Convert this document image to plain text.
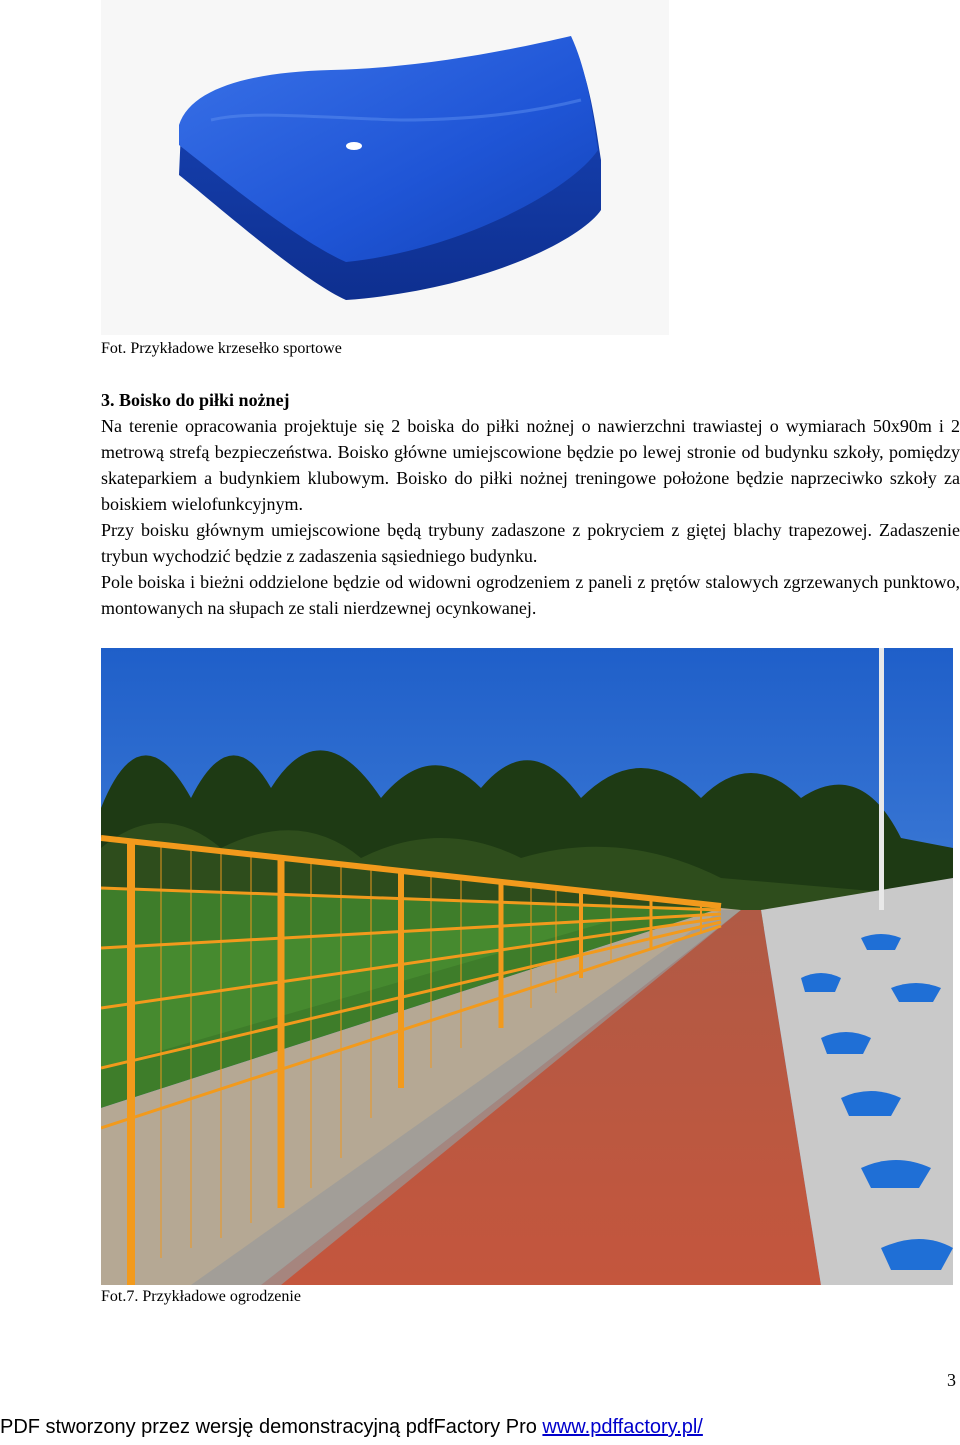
Fot. Przykładowe krzesełko sportowe
3. Boisko do piłki nożnej

Na terenie opracowania projektuje się 2 boiska do piłki nożnej o nawierzchni trawiastej o wymiarach 50x90m i 2 metrową strefą bezpieczeństwa. Boisko główne umiejscowione będzie po lewej stronie od budynku szkoły, pomiędzy skateparkiem a budynkiem klubowym. Boisko do piłki nożnej treningowe położone będzie naprzeciwko szkoły za boiskiem wielofunkcyjnym.

Przy boisku głównym umiejscowione będą trybuny zadaszone z pokryciem z giętej blachy trapezowej. Zadaszenie trybun wychodzić będzie z zadaszenia sąsiedniego budynku.

Pole boiska i bieżni oddzielone będzie od widowni ogrodzeniem z paneli z prętów stalowych zgrzewanych punktowo, montowanych na słupach ze stali nierdzewnej ocynkowanej.

Fot.7. Przykładowe ogrodzenie
3
PDF stworzony przez wersję demonstracyjną pdfFactory Pro www.pdffactory.pl/
